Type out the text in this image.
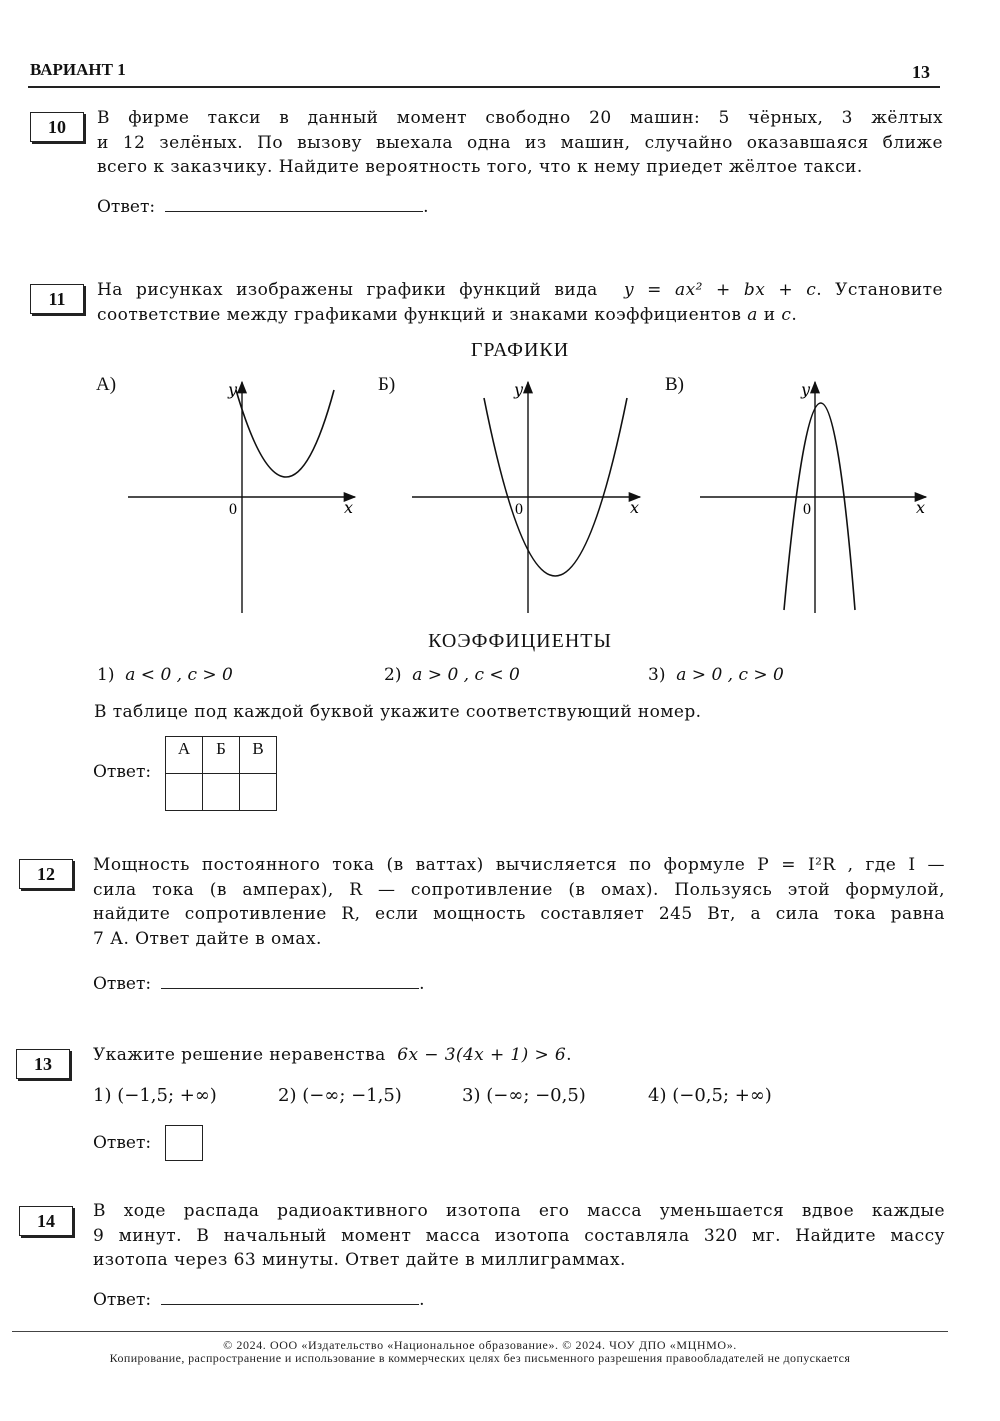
ВАРИАНТ 1	13
10	В фирме такси в данный момент свободно 20 машин: 5 чёрных, 3 жёлтых
и 12 зелёных. По вызову выехала одна из машин, случайно оказавшаяся ближе
всего к заказчику. Найдите вероятность того, что к нему приедет жёлтое такси.
Ответ:	.
11	На рисунках изображены графики функций вида y = ax² + bx + c. Установите
соответствие между графиками функций и знаками коэффициентов a и c.
ГРАФИКИ
А)	Б)	В)
y
x
0
y
x
0
y
x
0
КОЭФФИЦИЕНТЫ
1) a < 0 , c > 0	2) a > 0 , c < 0	3) a > 0 , c > 0
В таблице под каждой буквой укажите соответствующий номер.
Ответ:
А	Б	В

12	Мощность постоянного тока (в ваттах) вычисляется по формуле P = I²R , где I —
сила тока (в амперах), R — сопротивление (в омах). Пользуясь этой формулой,
найдите сопротивление R, если мощность составляет 245 Вт, а сила тока равна
7 А. Ответ дайте в омах.
Ответ:	.
13	Укажите решение неравенства 6x − 3(4x + 1) > 6.
1) (−1,5; +∞)	2) (−∞; −1,5)	3) (−∞; −0,5)	4) (−0,5; +∞)
Ответ:
14	В ходе распада радиоактивного изотопа его масса уменьшается вдвое каждые
9 минут. В начальный момент масса изотопа составляла 320 мг. Найдите массу
изотопа через 63 минуты. Ответ дайте в миллиграммах.
Ответ:	.
© 2024. ООО «Издательство «Национальное образование». © 2024. ЧОУ ДПО «МЦНМО».
Копирование, распространение и использование в коммерческих целях без письменного разрешения правообладателей не допускается
